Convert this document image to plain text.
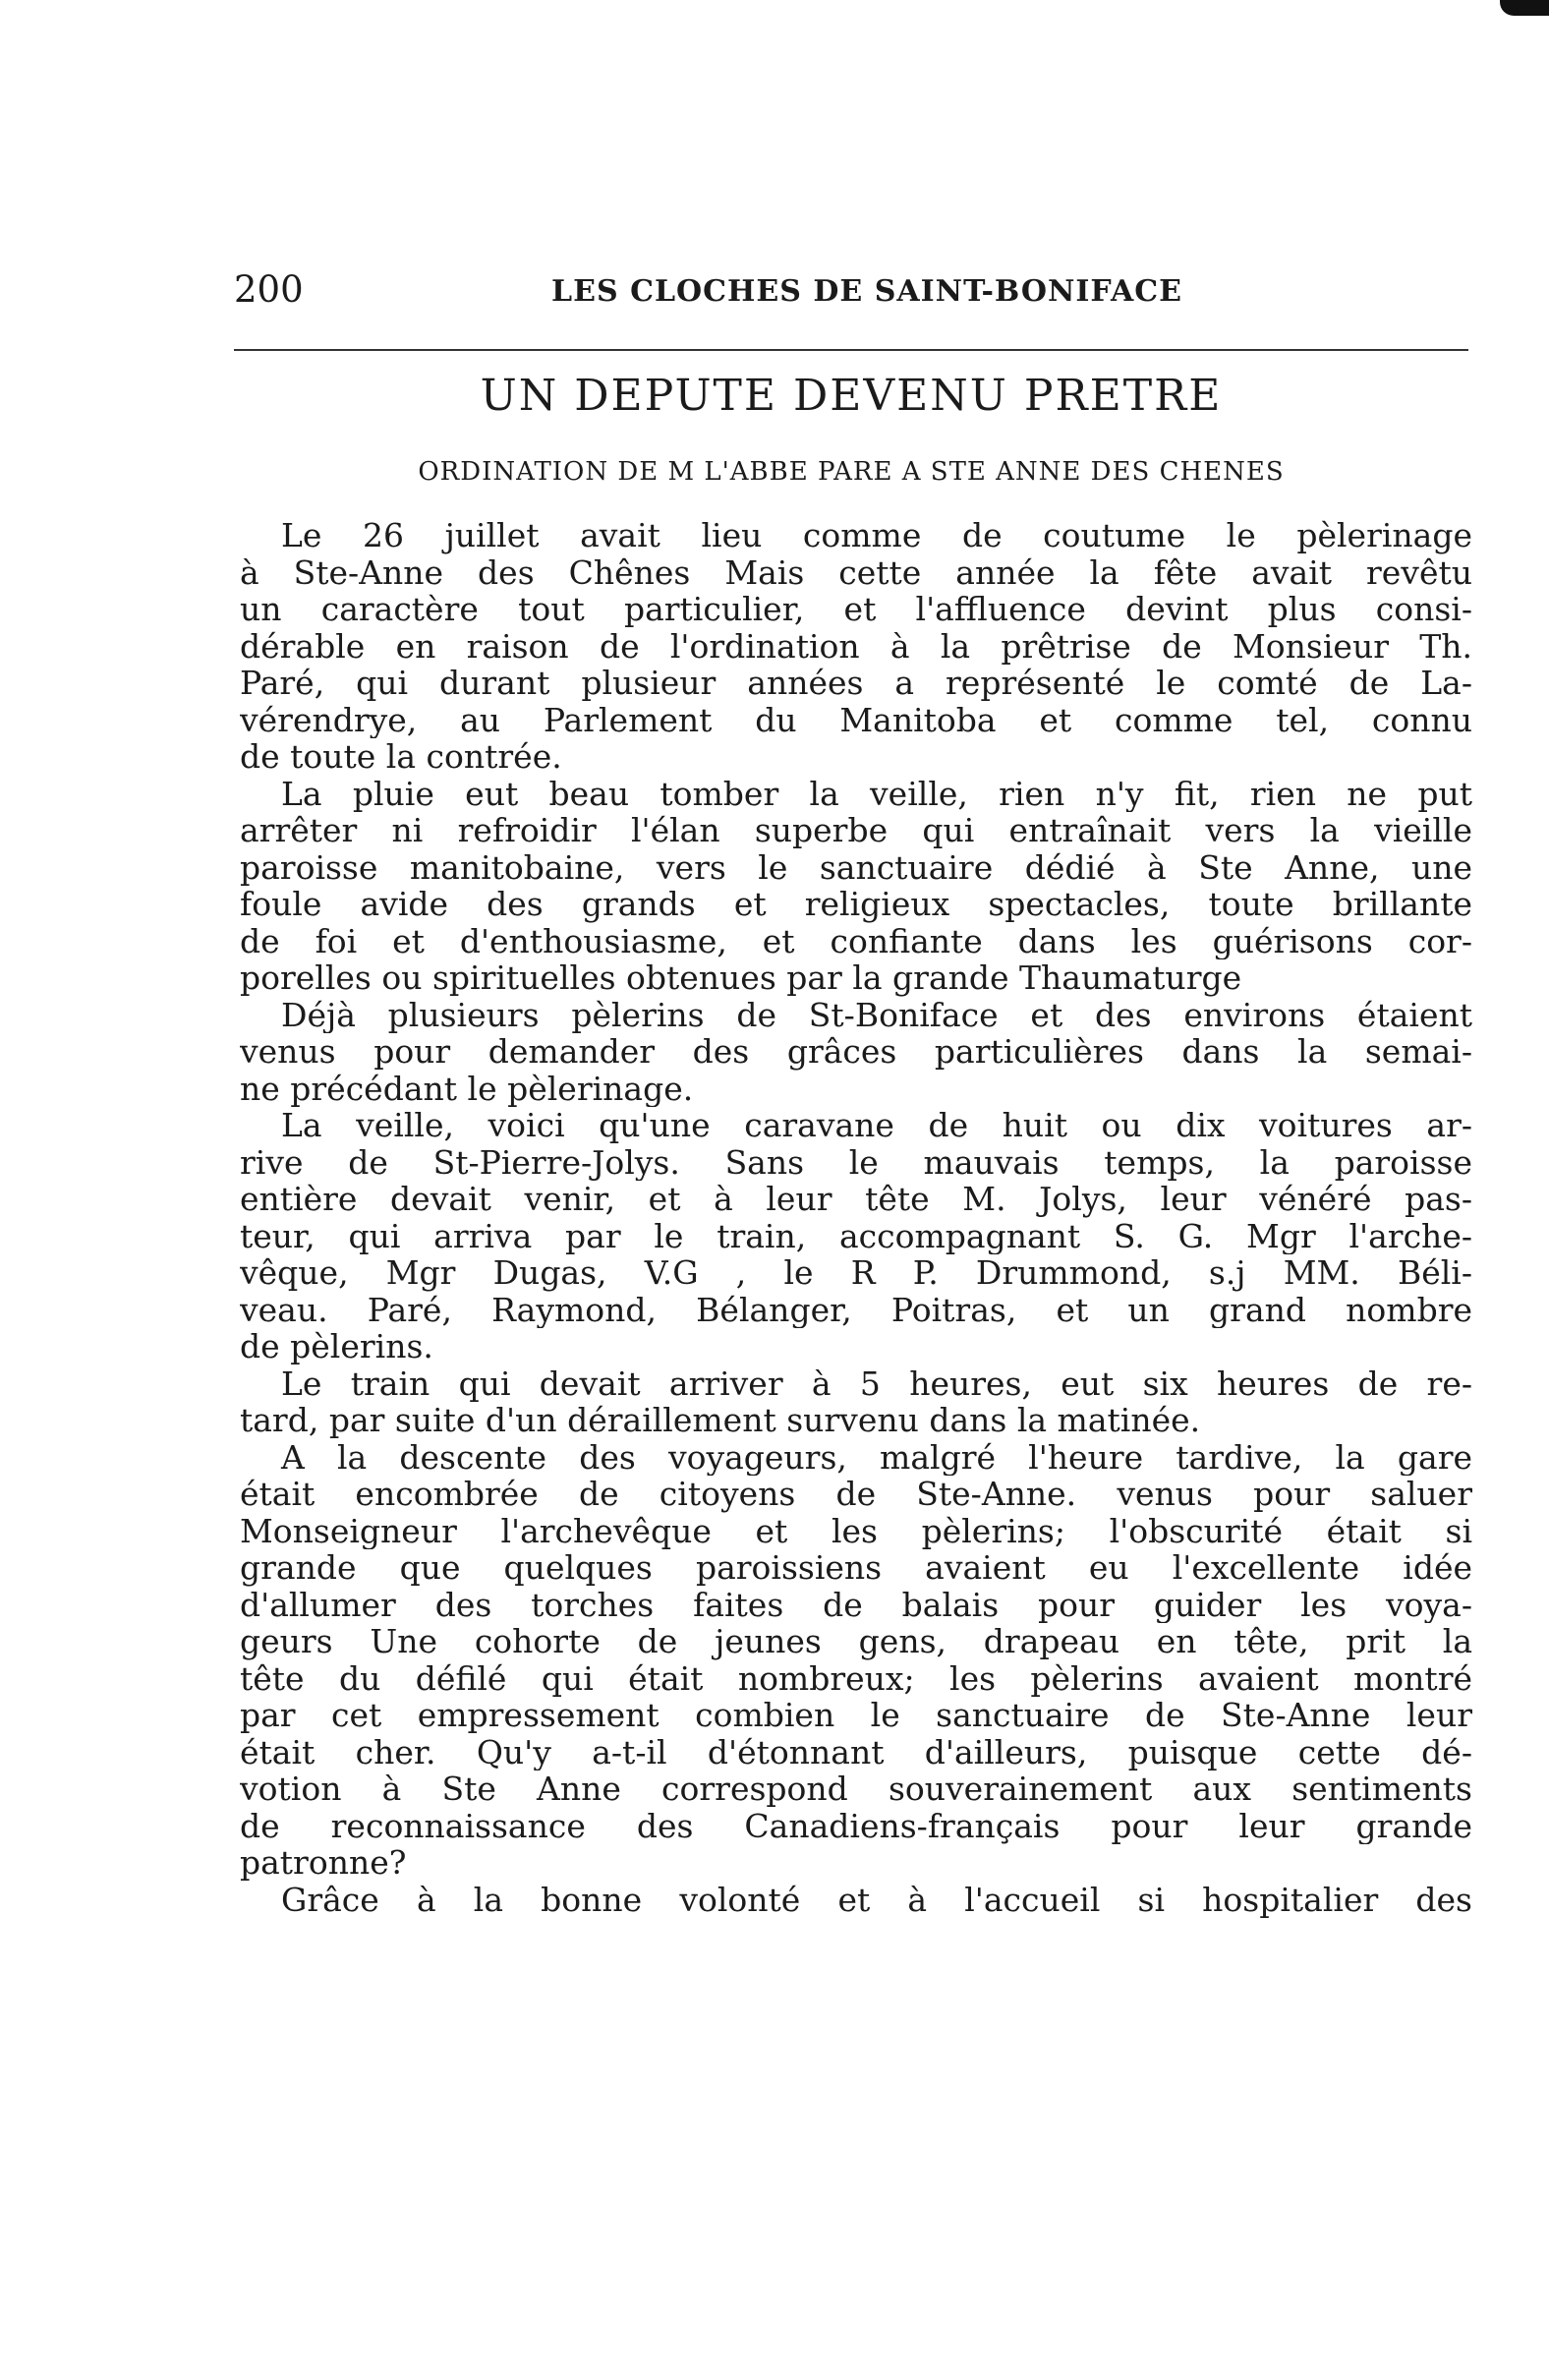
200	LES CLOCHES DE SAINT-BONIFACE
UN DEPUTE DEVENU PRETRE
ORDINATION DE M L'ABBE PARE A STE ANNE DES CHENES
Le 26 juillet avait lieu comme de coutume le pèlerinage
à Ste-Anne des Chênes Mais cette année la fête avait revêtu
un caractère tout particulier, et l'affluence devint plus consi-
dérable en raison de l'ordination à la prêtrise de Monsieur Th.
Paré, qui durant plusieur années a représenté le comté de La-
vérendrye, au Parlement du Manitoba et comme tel, connu
de toute la contrée.
La pluie eut beau tomber la veille, rien n'y fit, rien ne put
arrêter ni refroidir l'élan superbe qui entraînait vers la vieille
paroisse manitobaine, vers le sanctuaire dédié à Ste Anne, une
foule avide des grands et religieux spectacles, toute brillante
de foi et d'enthousiasme, et confiante dans les guérisons cor-
porelles ou spirituelles obtenues par la grande Thaumaturge
Déjà plusieurs pèlerins de St-Boniface et des environs étaient
venus pour demander des grâces particulières dans la semai-
ne précédant le pèlerinage.
La veille, voici qu'une caravane de huit ou dix voitures ar-
rive de St-Pierre-Jolys. Sans le mauvais temps, la paroisse
entière devait venir, et à leur tête M. Jolys, leur vénéré pas-
teur, qui arriva par le train, accompagnant S. G. Mgr l'arche-
vêque, Mgr Dugas, V.G , le R P. Drummond, s.j MM. Béli-
veau. Paré, Raymond, Bélanger, Poitras, et un grand nombre
de pèlerins.
Le train qui devait arriver à 5 heures, eut six heures de re-
tard, par suite d'un déraillement survenu dans la matinée.
A la descente des voyageurs, malgré l'heure tardive, la gare
était encombrée de citoyens de Ste-Anne. venus pour saluer
Monseigneur l'archevêque et les pèlerins; l'obscurité était si
grande que quelques paroissiens avaient eu l'excellente idée
d'allumer des torches faites de balais pour guider les voya-
geurs Une cohorte de jeunes gens, drapeau en tête, prit la
tête du défilé qui était nombreux; les pèlerins avaient montré
par cet empressement combien le sanctuaire de Ste-Anne leur
était cher. Qu'y a-t-il d'étonnant d'ailleurs, puisque cette dé-
votion à Ste Anne correspond souverainement aux sentiments
de reconnaissance des Canadiens-français pour leur grande
patronne?
Grâce à la bonne volonté et à l'accueil si hospitalier des
